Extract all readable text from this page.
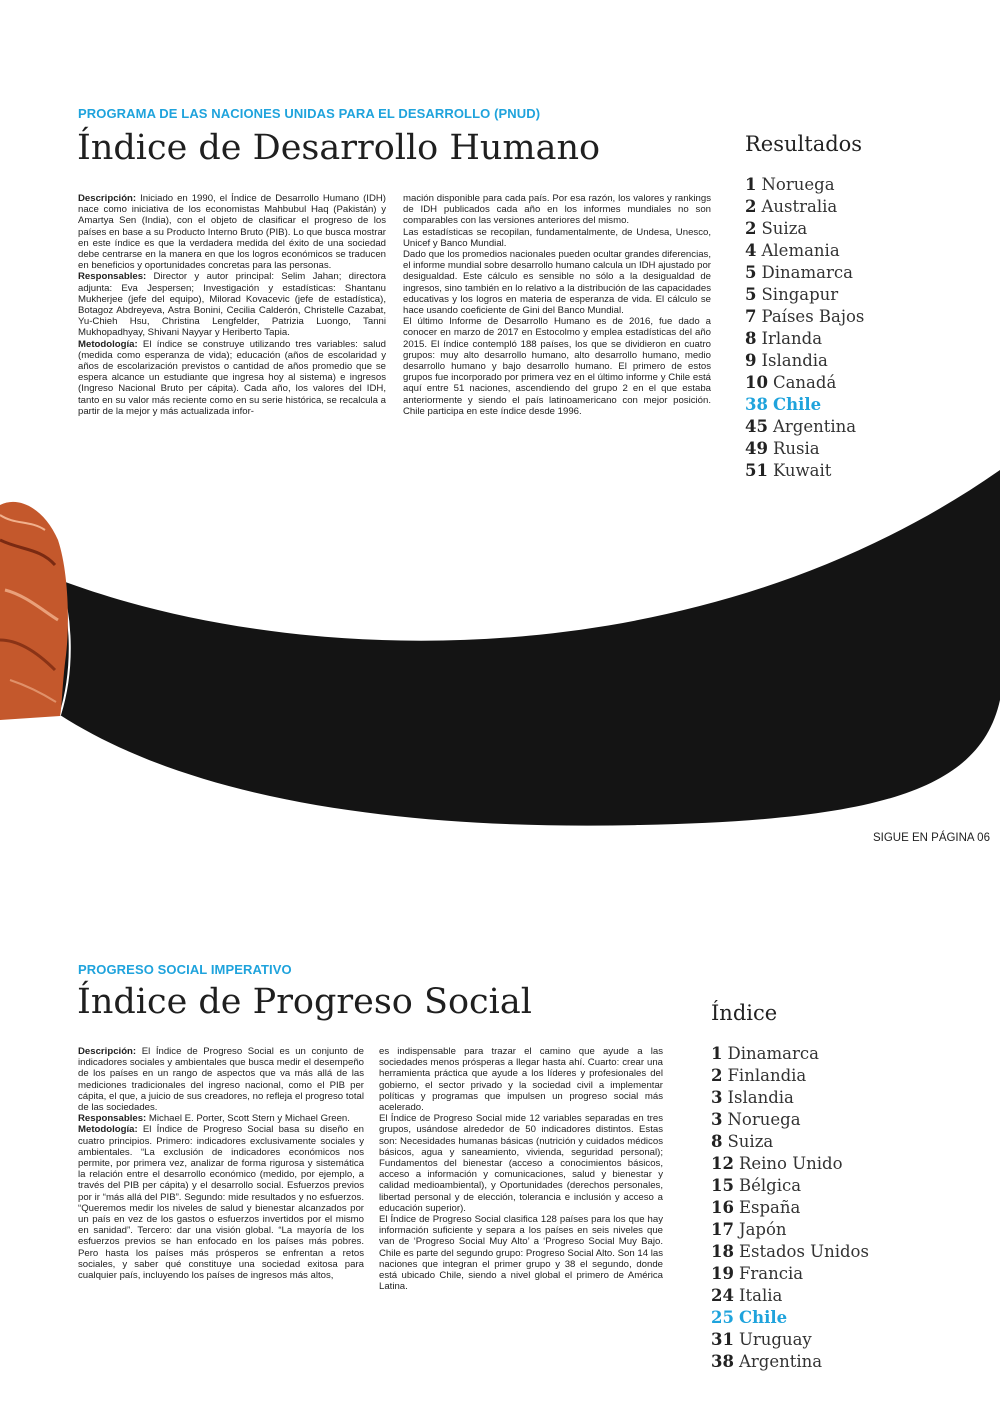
PROGRAMA DE LAS NACIONES UNIDAS PARA EL DESARROLLO (PNUD)
Índice de Desarrollo Humano

Descripción: Iniciado en 1990, el Índice de Desarrollo Humano (IDH) nace como iniciativa de los economistas Mahbubul Haq (Pakistán) y Amartya Sen (India), con el objeto de clasificar el progreso de los países en base a su Producto Interno Bruto (PIB). Lo que busca mostrar en este índice es que la verdadera medida del éxito de una sociedad debe centrarse en la manera en que los logros económicos se traducen en beneficios y oportunidades concretas para las personas.

Responsables: Director y autor principal: Selim Jahan; directora adjunta: Eva Jespersen; Investigación y estadísticas: Shantanu Mukherjee (jefe del equipo), Milorad Kovacevic (jefe de estadística), Botagoz Abdreyeva, Astra Bonini, Cecilia Calderón, Christelle Cazabat, Yu-Chieh Hsu, Christina Lengfelder, Patrizia Luongo, Tanni Mukhopadhyay, Shivani Nayyar y Heriberto Tapia.

Metodología: El índice se construye utilizando tres variables: salud (medida como esperanza de vida); educación (años de escolaridad y años de escolarización previstos o cantidad de años promedio que se espera alcance un estudiante que ingresa hoy al sistema) e ingresos (Ingreso Nacional Bruto per cápita). Cada año, los valores del IDH, tanto en su valor más reciente como en su serie histórica, se recalcula a partir de la mejor y más actualizada infor-

mación disponible para cada país. Por esa razón, los valores y rankings de IDH publicados cada año en los informes mundiales no son comparables con las versiones anteriores del mismo.

Las estadísticas se recopilan, fundamentalmente, de Undesa, Unesco, Unicef y Banco Mundial.

Dado que los promedios nacionales pueden ocultar grandes diferencias, el informe mundial sobre desarrollo humano calcula un IDH ajustado por desigualdad. Este cálculo es sensible no sólo a la desigualdad de ingresos, sino también en lo relativo a la distribución de las capacidades educativas y los logros en materia de esperanza de vida. El cálculo se hace usando coeficiente de Gini del Banco Mundial.

El último Informe de Desarrollo Humano es de 2016, fue dado a conocer en marzo de 2017 en Estocolmo y emplea estadísticas del año 2015. El índice contempló 188 países, los que se dividieron en cuatro grupos: muy alto desarrollo humano, alto desarrollo humano, medio desarrollo humano y bajo desarrollo humano. El primero de estos grupos fue incorporado por primera vez en el último informe y Chile está aquí entre 51 naciones, ascendiendo del grupo 2 en el que estaba anteriormente y siendo el país latinoamericano con mejor posición. Chile participa en este índice desde 1996.

Resultados
1 Noruega
2 Australia
2 Suiza
4 Alemania
5 Dinamarca
5 Singapur
7 Países Bajos
8 Irlanda
9 Islandia
10 Canadá
38 Chile
45 Argentina
49 Rusia
51 Kuwait

SIGUE EN PÁGINA 06

PROGRESO SOCIAL IMPERATIVO
Índice de Progreso Social

Descripción: El Índice de Progreso Social es un conjunto de indicadores sociales y ambientales que busca medir el desempeño de los países en un rango de aspectos que va más allá de las mediciones tradicionales del ingreso nacional, como el PIB per cápita, el que, a juicio de sus creadores, no refleja el progreso total de las sociedades.

Responsables: Michael E. Porter, Scott Stern y Michael Green.

Metodología: El Índice de Progreso Social basa su diseño en cuatro principios. Primero: indicadores exclusivamente sociales y ambientales. “La exclusión de indicadores económicos nos permite, por primera vez, analizar de forma rigurosa y sistemática la relación entre el desarrollo económico (medido, por ejemplo, a través del PIB per cápita) y el desarrollo social. Esfuerzos previos por ir “más allá del PIB”. Segundo: mide resultados y no esfuerzos. “Queremos medir los niveles de salud y bienestar alcanzados por un país en vez de los gastos o esfuerzos invertidos por el mismo en sanidad”. Tercero: dar una visión global. “La mayoría de los esfuerzos previos se han enfocado en los países más pobres. Pero hasta los países más prósperos se enfrentan a retos sociales, y saber qué constituye una sociedad exitosa para cualquier país, incluyendo los países de ingresos más altos,

es indispensable para trazar el camino que ayude a las sociedades menos prósperas a llegar hasta ahí. Cuarto: crear una herramienta práctica que ayude a los líderes y profesionales del gobierno, el sector privado y la sociedad civil a implementar políticas y programas que impulsen un progreso social más acelerado.

El Índice de Progreso Social mide 12 variables separadas en tres grupos, usándose alrededor de 50 indicadores distintos. Estas son: Necesidades humanas básicas (nutrición y cuidados médicos básicos, agua y saneamiento, vivienda, seguridad personal); Fundamentos del bienestar (acceso a conocimientos básicos, acceso a información y comunicaciones, salud y bienestar y calidad medioambiental), y Oportunidades (derechos personales, libertad personal y de elección, tolerancia e inclusión y acceso a educación superior).

El Índice de Progreso Social clasifica 128 países para los que hay información suficiente y separa a los países en seis niveles que van de ‘Progreso Social Muy Alto’ a ‘Progreso Social Muy Bajo. Chile es parte del segundo grupo: Progreso Social Alto. Son 14 las naciones que integran el primer grupo y 38 el segundo, donde está ubicado Chile, siendo a nivel global el primero de América Latina.

Índice
1 Dinamarca
2 Finlandia
3 Islandia
3 Noruega
8 Suiza
12 Reino Unido
15 Bélgica
16 España
17 Japón
18 Estados Unidos
19 Francia
24 Italia
25 Chile
31 Uruguay
38 Argentina
